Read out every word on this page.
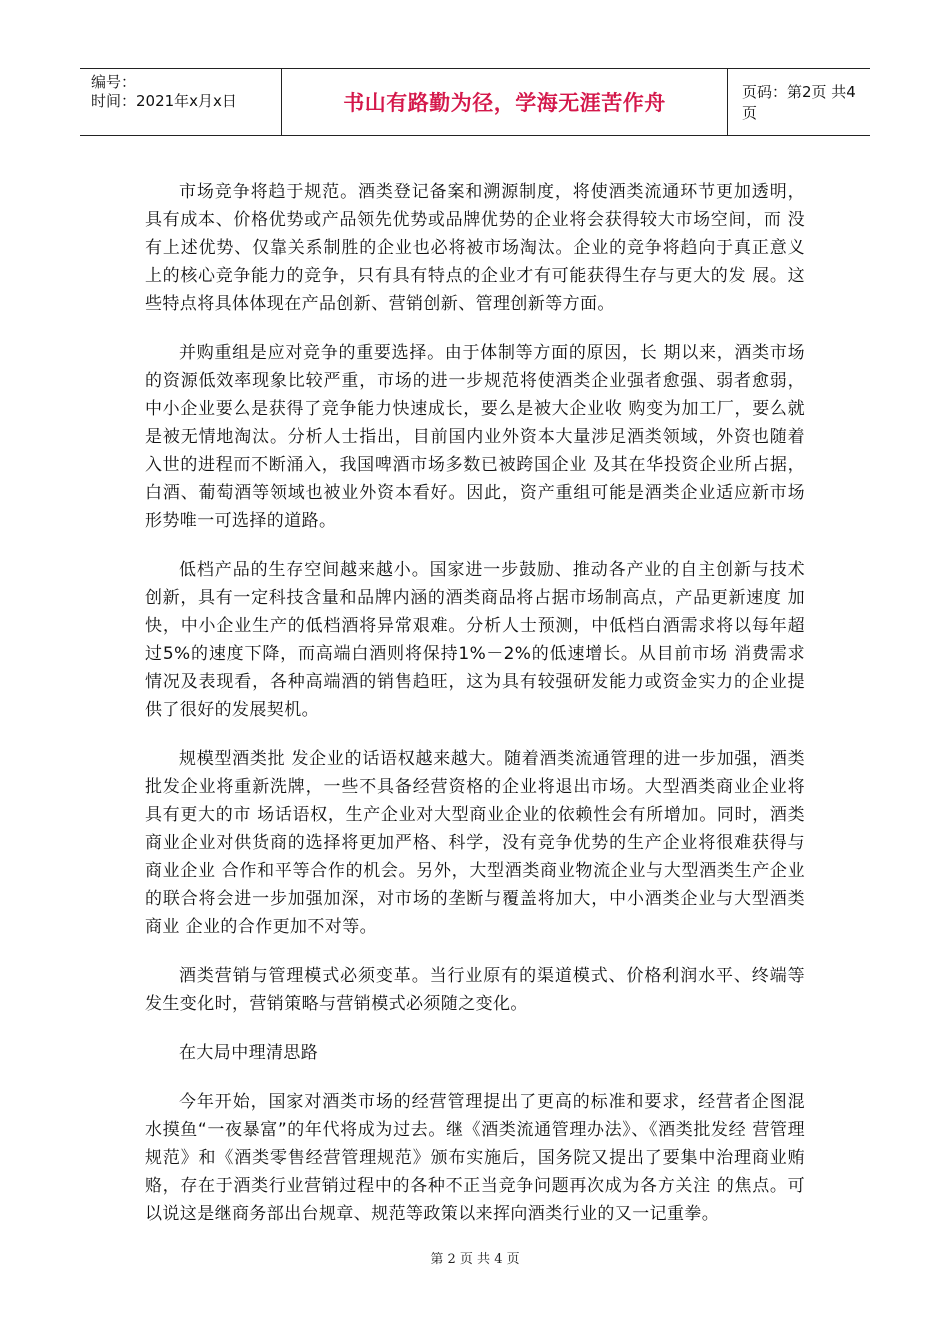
编号：
时间：2021年x月x日	书山有路勤为径，学海无涯苦作舟	页码：第2页 共4页

市场竞争将趋于规范。酒类登记备案和溯源制度，将使酒类流通环节更加透明，具有成本、价格优势或产品领先优势或品牌优势的企业将会获得较大市场空间，而 没有上述优势、仅靠关系制胜的企业也必将被市场淘汰。企业的竞争将趋向于真正意义上的核心竞争能力的竞争，只有具有特点的企业才有可能获得生存与更大的发 展。这些特点将具体体现在产品创新、营销创新、管理创新等方面。

并购重组是应对竞争的重要选择。由于体制等方面的原因，长 期以来，酒类市场的资源低效率现象比较严重，市场的进一步规范将使酒类企业强者愈强、弱者愈弱，中小企业要么是获得了竞争能力快速成长，要么是被大企业收 购变为加工厂，要么就是被无情地淘汰。分析人士指出，目前国内业外资本大量涉足酒类领域，外资也随着入世的进程而不断涌入，我国啤酒市场多数已被跨国企业 及其在华投资企业所占据，白酒、葡萄酒等领域也被业外资本看好。因此，资产重组可能是酒类企业适应新市场形势唯一可选择的道路。

低档产品的生存空间越来越小。国家进一步鼓励、推动各产业的自主创新与技术创新，具有一定科技含量和品牌内涵的酒类商品将占据市场制高点，产品更新速度 加快，中小企业生产的低档酒将异常艰难。分析人士预测，中低档白酒需求将以每年超过5%的速度下降，而高端白酒则将保持1%－2%的低速增长。从目前市场 消费需求情况及表现看，各种高端酒的销售趋旺，这为具有较强研发能力或资金实力的企业提供了很好的发展契机。

规模型酒类批 发企业的话语权越来越大。随着酒类流通管理的进一步加强，酒类批发企业将重新洗牌，一些不具备经营资格的企业将退出市场。大型酒类商业企业将具有更大的市 场话语权，生产企业对大型商业企业的依赖性会有所增加。同时，酒类商业企业对供货商的选择将更加严格、科学，没有竞争优势的生产企业将很难获得与商业企业 合作和平等合作的机会。另外，大型酒类商业物流企业与大型酒类生产企业的联合将会进一步加强加深，对市场的垄断与覆盖将加大，中小酒类企业与大型酒类商业 企业的合作更加不对等。

酒类营销与管理模式必须变革。当行业原有的渠道模式、价格利润水平、终端等发生变化时，营销策略与营销模式必须随之变化。

在大局中理清思路

今年开始，国家对酒类市场的经营管理提出了更高的标准和要求，经营者企图混水摸鱼“一夜暴富”的年代将成为过去。继《酒类流通管理办法》、《酒类批发经 营管理规范》和《酒类零售经营管理规范》颁布实施后，国务院又提出了要集中治理商业贿赂，存在于酒类行业营销过程中的各种不正当竞争问题再次成为各方关注 的焦点。可以说这是继商务部出台规章、规范等政策以来挥向酒类行业的又一记重拳。

第 2 页 共 4 页
